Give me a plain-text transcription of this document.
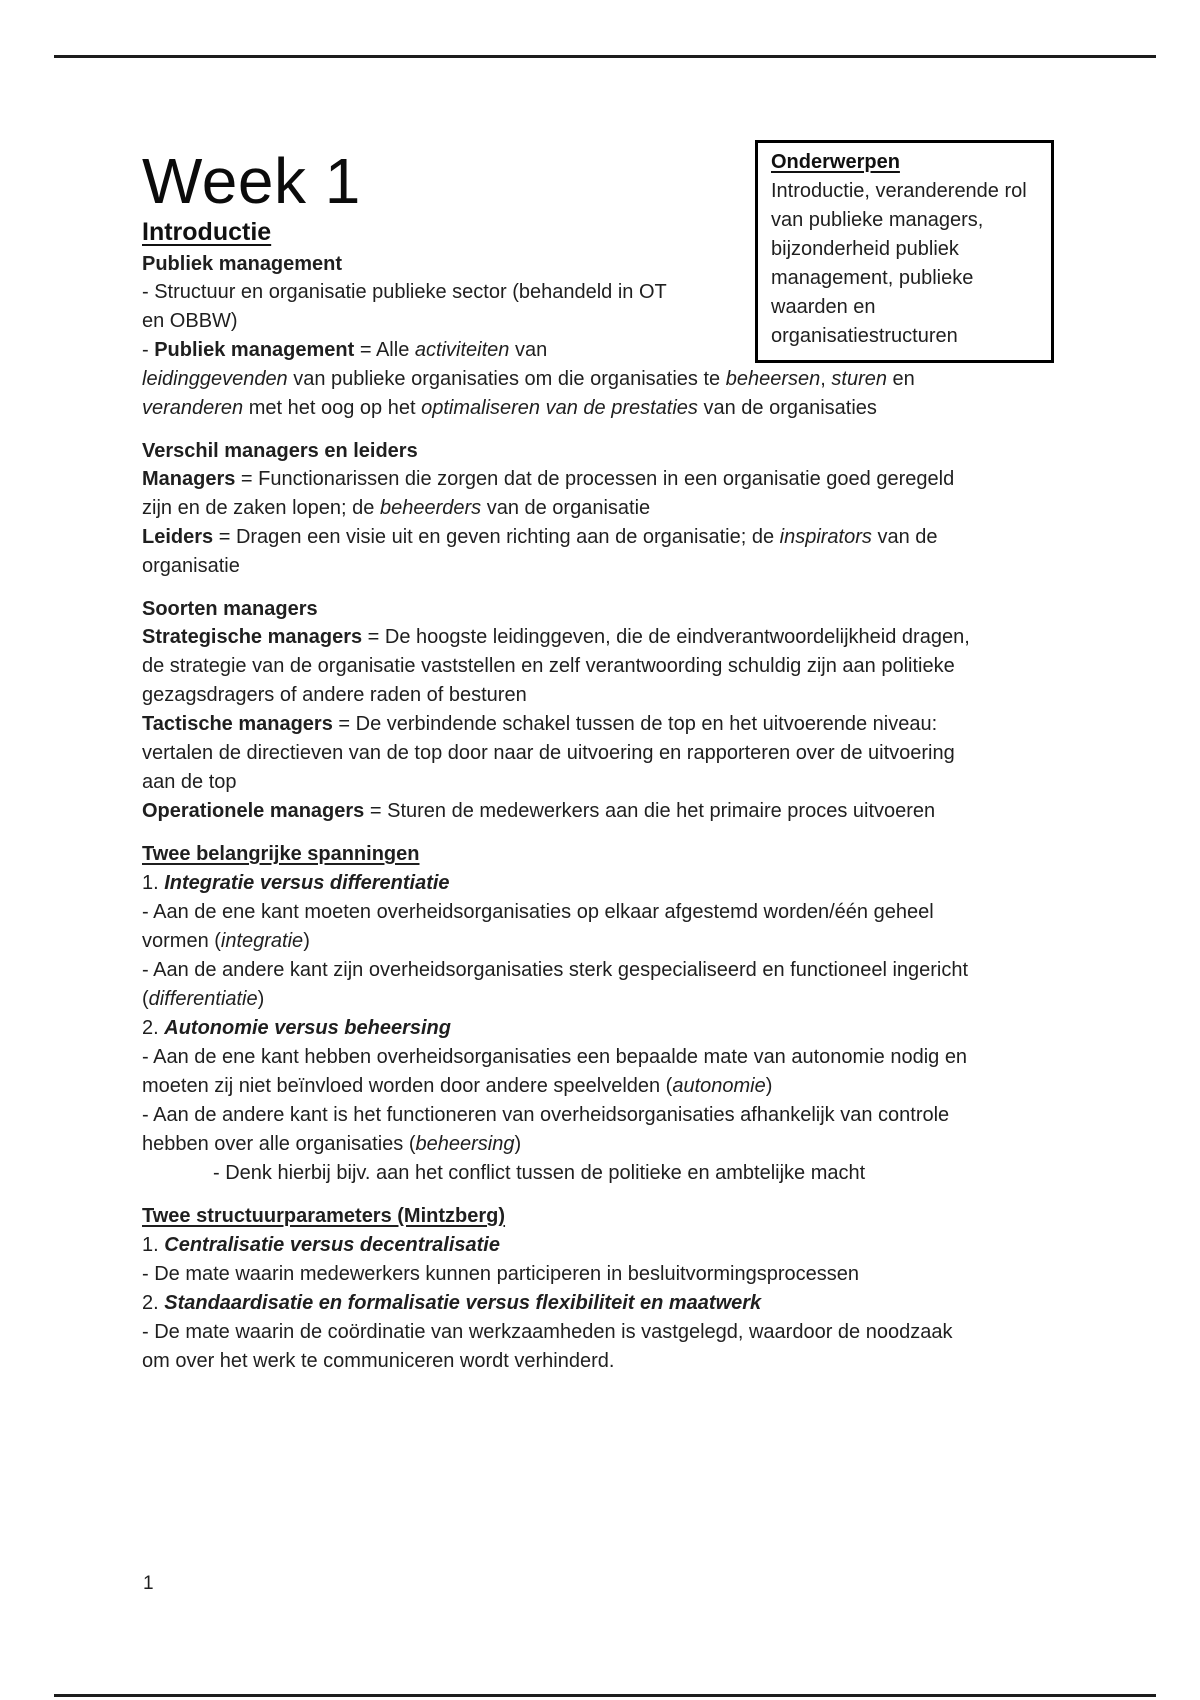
Onderwerpen

Introductie, veranderende rol

van publieke managers,

bijzonderheid publiek

management, publieke

waarden en

organisatiestructuren

Week 1

Introductie

Publiek management

- Structuur en organisatie publieke sector (behandeld in OT

en OBBW)

- Publiek management = Alle activiteiten van

leidinggevenden van publieke organisaties om die organisaties te beheersen, sturen en

veranderen met het oog op het optimaliseren van de prestaties van de organisaties

Verschil managers en leiders

Managers = Functionarissen die zorgen dat de processen in een organisatie goed geregeld

zijn en de zaken lopen; de beheerders van de organisatie

Leiders = Dragen een visie uit en geven richting aan de organisatie; de inspirators van de

organisatie

Soorten managers

Strategische managers = De hoogste leidinggeven, die de eindverantwoordelijkheid dragen,

de strategie van de organisatie vaststellen en zelf verantwoording schuldig zijn aan politieke

gezagsdragers of andere raden of besturen

Tactische managers = De verbindende schakel tussen de top en het uitvoerende niveau:

vertalen de directieven van de top door naar de uitvoering en rapporteren over de uitvoering

aan de top

Operationele managers = Sturen de medewerkers aan die het primaire proces uitvoeren

Twee belangrijke spanningen

1. Integratie versus differentiatie

- Aan de ene kant moeten overheidsorganisaties op elkaar afgestemd worden/één geheel

vormen (integratie)

- Aan de andere kant zijn overheidsorganisaties sterk gespecialiseerd en functioneel ingericht

(differentiatie)

2. Autonomie versus beheersing

- Aan de ene kant hebben overheidsorganisaties een bepaalde mate van autonomie nodig en

moeten zij niet beïnvloed worden door andere speelvelden (autonomie)

- Aan de andere kant is het functioneren van overheidsorganisaties afhankelijk van controle

hebben over alle organisaties (beheersing)

- Denk hierbij bijv. aan het conflict tussen de politieke en ambtelijke macht

Twee structuurparameters (Mintzberg)

1. Centralisatie versus decentralisatie

- De mate waarin medewerkers kunnen participeren in besluitvormingsprocessen

2. Standaardisatie en formalisatie versus flexibiliteit en maatwerk

- De mate waarin de coördinatie van werkzaamheden is vastgelegd, waardoor de noodzaak

om over het werk te communiceren wordt verhinderd.

1
